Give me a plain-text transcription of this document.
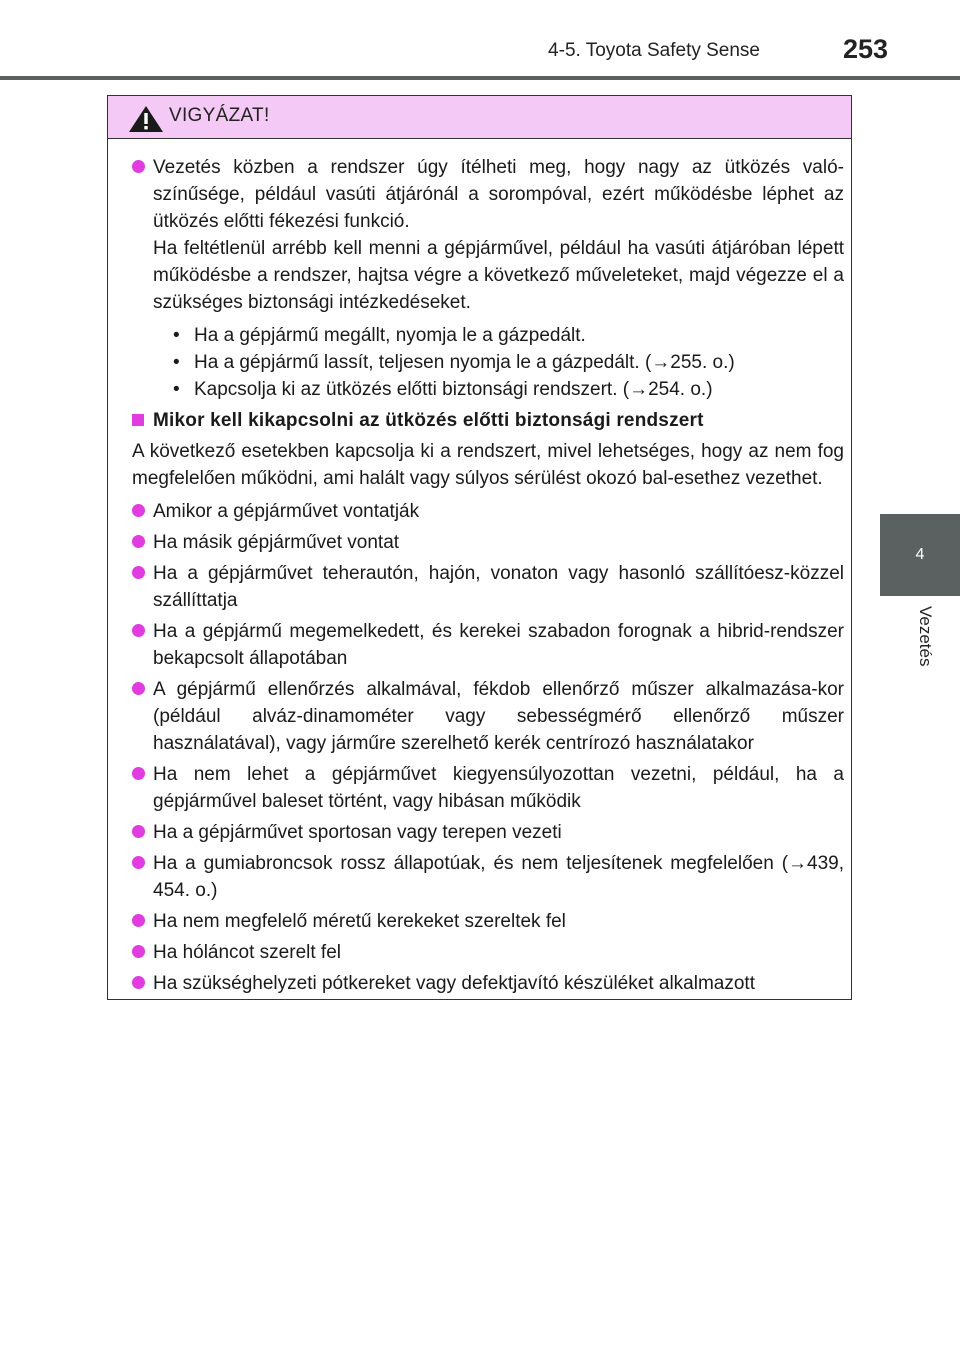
4-5. Toyota Safety Sense	253
4
Vezetés
VIGYÁZAT!

Vezetés közben a rendszer úgy ítélheti meg, hogy nagy az ütközés való-színűsége, például vasúti átjárónál a sorompóval, ezért működésbe léphet az ütközés előtti fékezési funkció.

Ha feltétlenül arrébb kell menni a gépjárművel, például ha vasúti átjáróban lépett működésbe a rendszer, hajtsa végre a következő műveleteket, majd végezze el a szükséges biztonsági intézkedéseket.

• Ha a gépjármű megállt, nyomja le a gázpedált.
• Ha a gépjármű lassít, teljesen nyomja le a gázpedált. (→255. o.)
• Kapcsolja ki az ütközés előtti biztonsági rendszert. (→254. o.)

Mikor kell kikapcsolni az ütközés előtti biztonsági rendszert

A következő esetekben kapcsolja ki a rendszert, mivel lehetséges, hogy az nem fog megfelelően működni, ami halált vagy súlyos sérülést okozó bal-esethez vezethet.

Amikor a gépjárművet vontatják

Ha másik gépjárművet vontat

Ha a gépjárművet teherautón, hajón, vonaton vagy hasonló szállítóesz-közzel szállíttatja

Ha a gépjármű megemelkedett, és kerekei szabadon forognak a hibrid-rendszer bekapcsolt állapotában

A gépjármű ellenőrzés alkalmával, fékdob ellenőrző műszer alkalmazása-kor (például alváz-dinamométer vagy sebességmérő ellenőrző műszer használatával), vagy járműre szerelhető kerék centrírozó használatakor

Ha nem lehet a gépjárművet kiegyensúlyozottan vezetni, például, ha a gépjárművel baleset történt, vagy hibásan működik

Ha a gépjárművet sportosan vagy terepen vezeti

Ha a gumiabroncsok rossz állapotúak, és nem teljesítenek megfelelően (→439, 454. o.)

Ha nem megfelelő méretű kerekeket szereltek fel

Ha hóláncot szerelt fel

Ha szükséghelyzeti pótkereket vagy defektjavító készüléket alkalmazott
